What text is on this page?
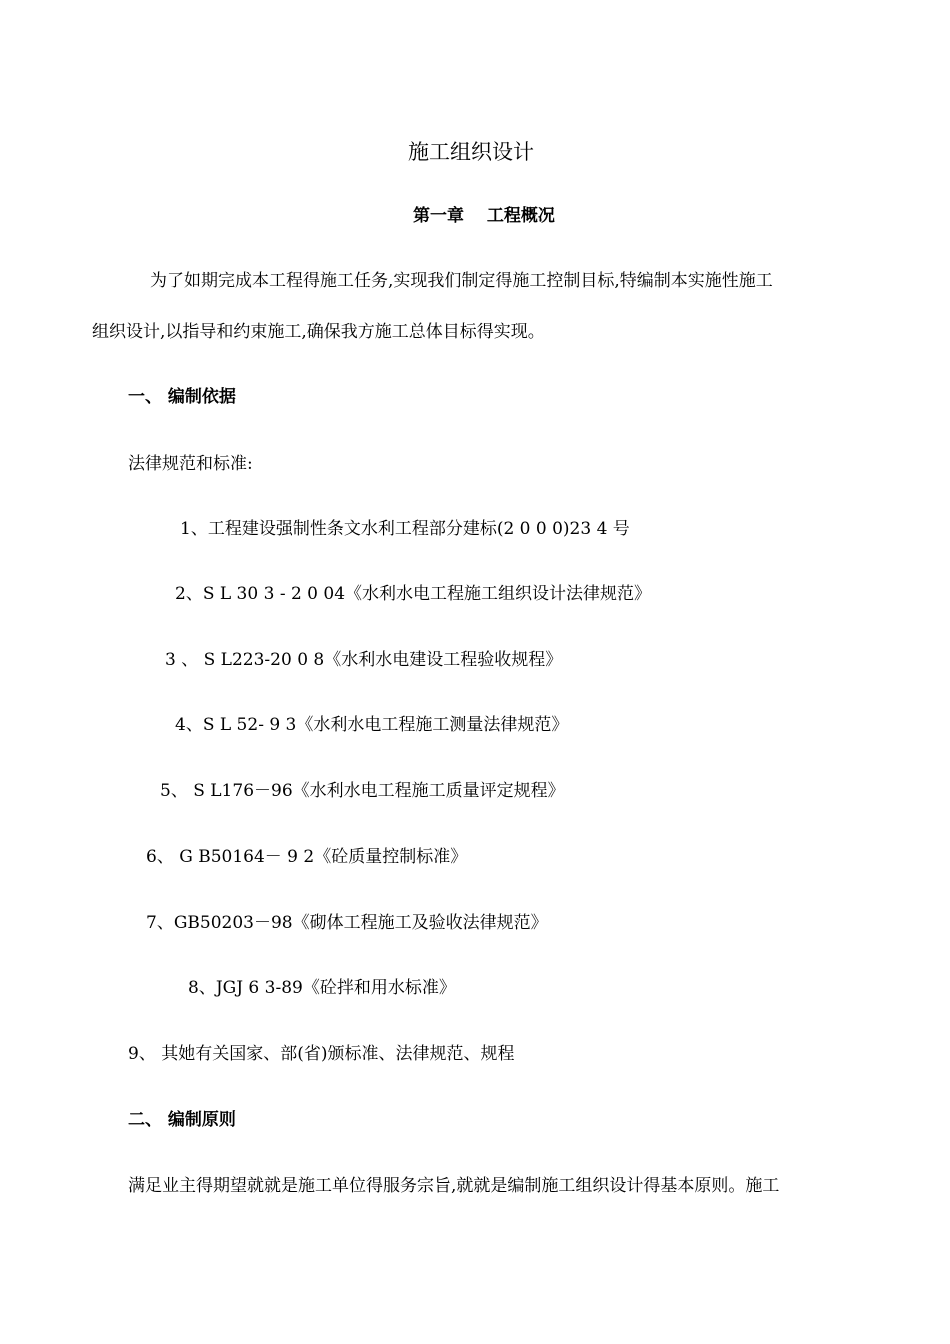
施工组织设计
第一章　 工程概况
为了如期完成本工程得施工任务,实现我们制定得施工控制目标,特编制本实施性施工
组织设计,以指导和约束施工,确保我方施工总体目标得实现。
一、 编制依据
法律规范和标准:
1、工程建设强制性条文水利工程部分建标(2 0 0 0)23 4 号
2、S L 30 3 - 2 0 04《水利水电工程施工组织设计法律规范》
3 、 S L223-20 0 8《水利水电建设工程验收规程》
4、S L 52- 9 3《水利水电工程施工测量法律规范》
5、 S L176－96《水利水电工程施工质量评定规程》
6、 G B50164－ 9 2《砼质量控制标准》
7、GB50203－98《砌体工程施工及验收法律规范》
8、JGJ 6 3-89《砼拌和用水标准》
9、 其她有关国家、部(省)颁标准、法律规范、规程
二、 编制原则
满足业主得期望就就是施工单位得服务宗旨,就就是编制施工组织设计得基本原则。施工
